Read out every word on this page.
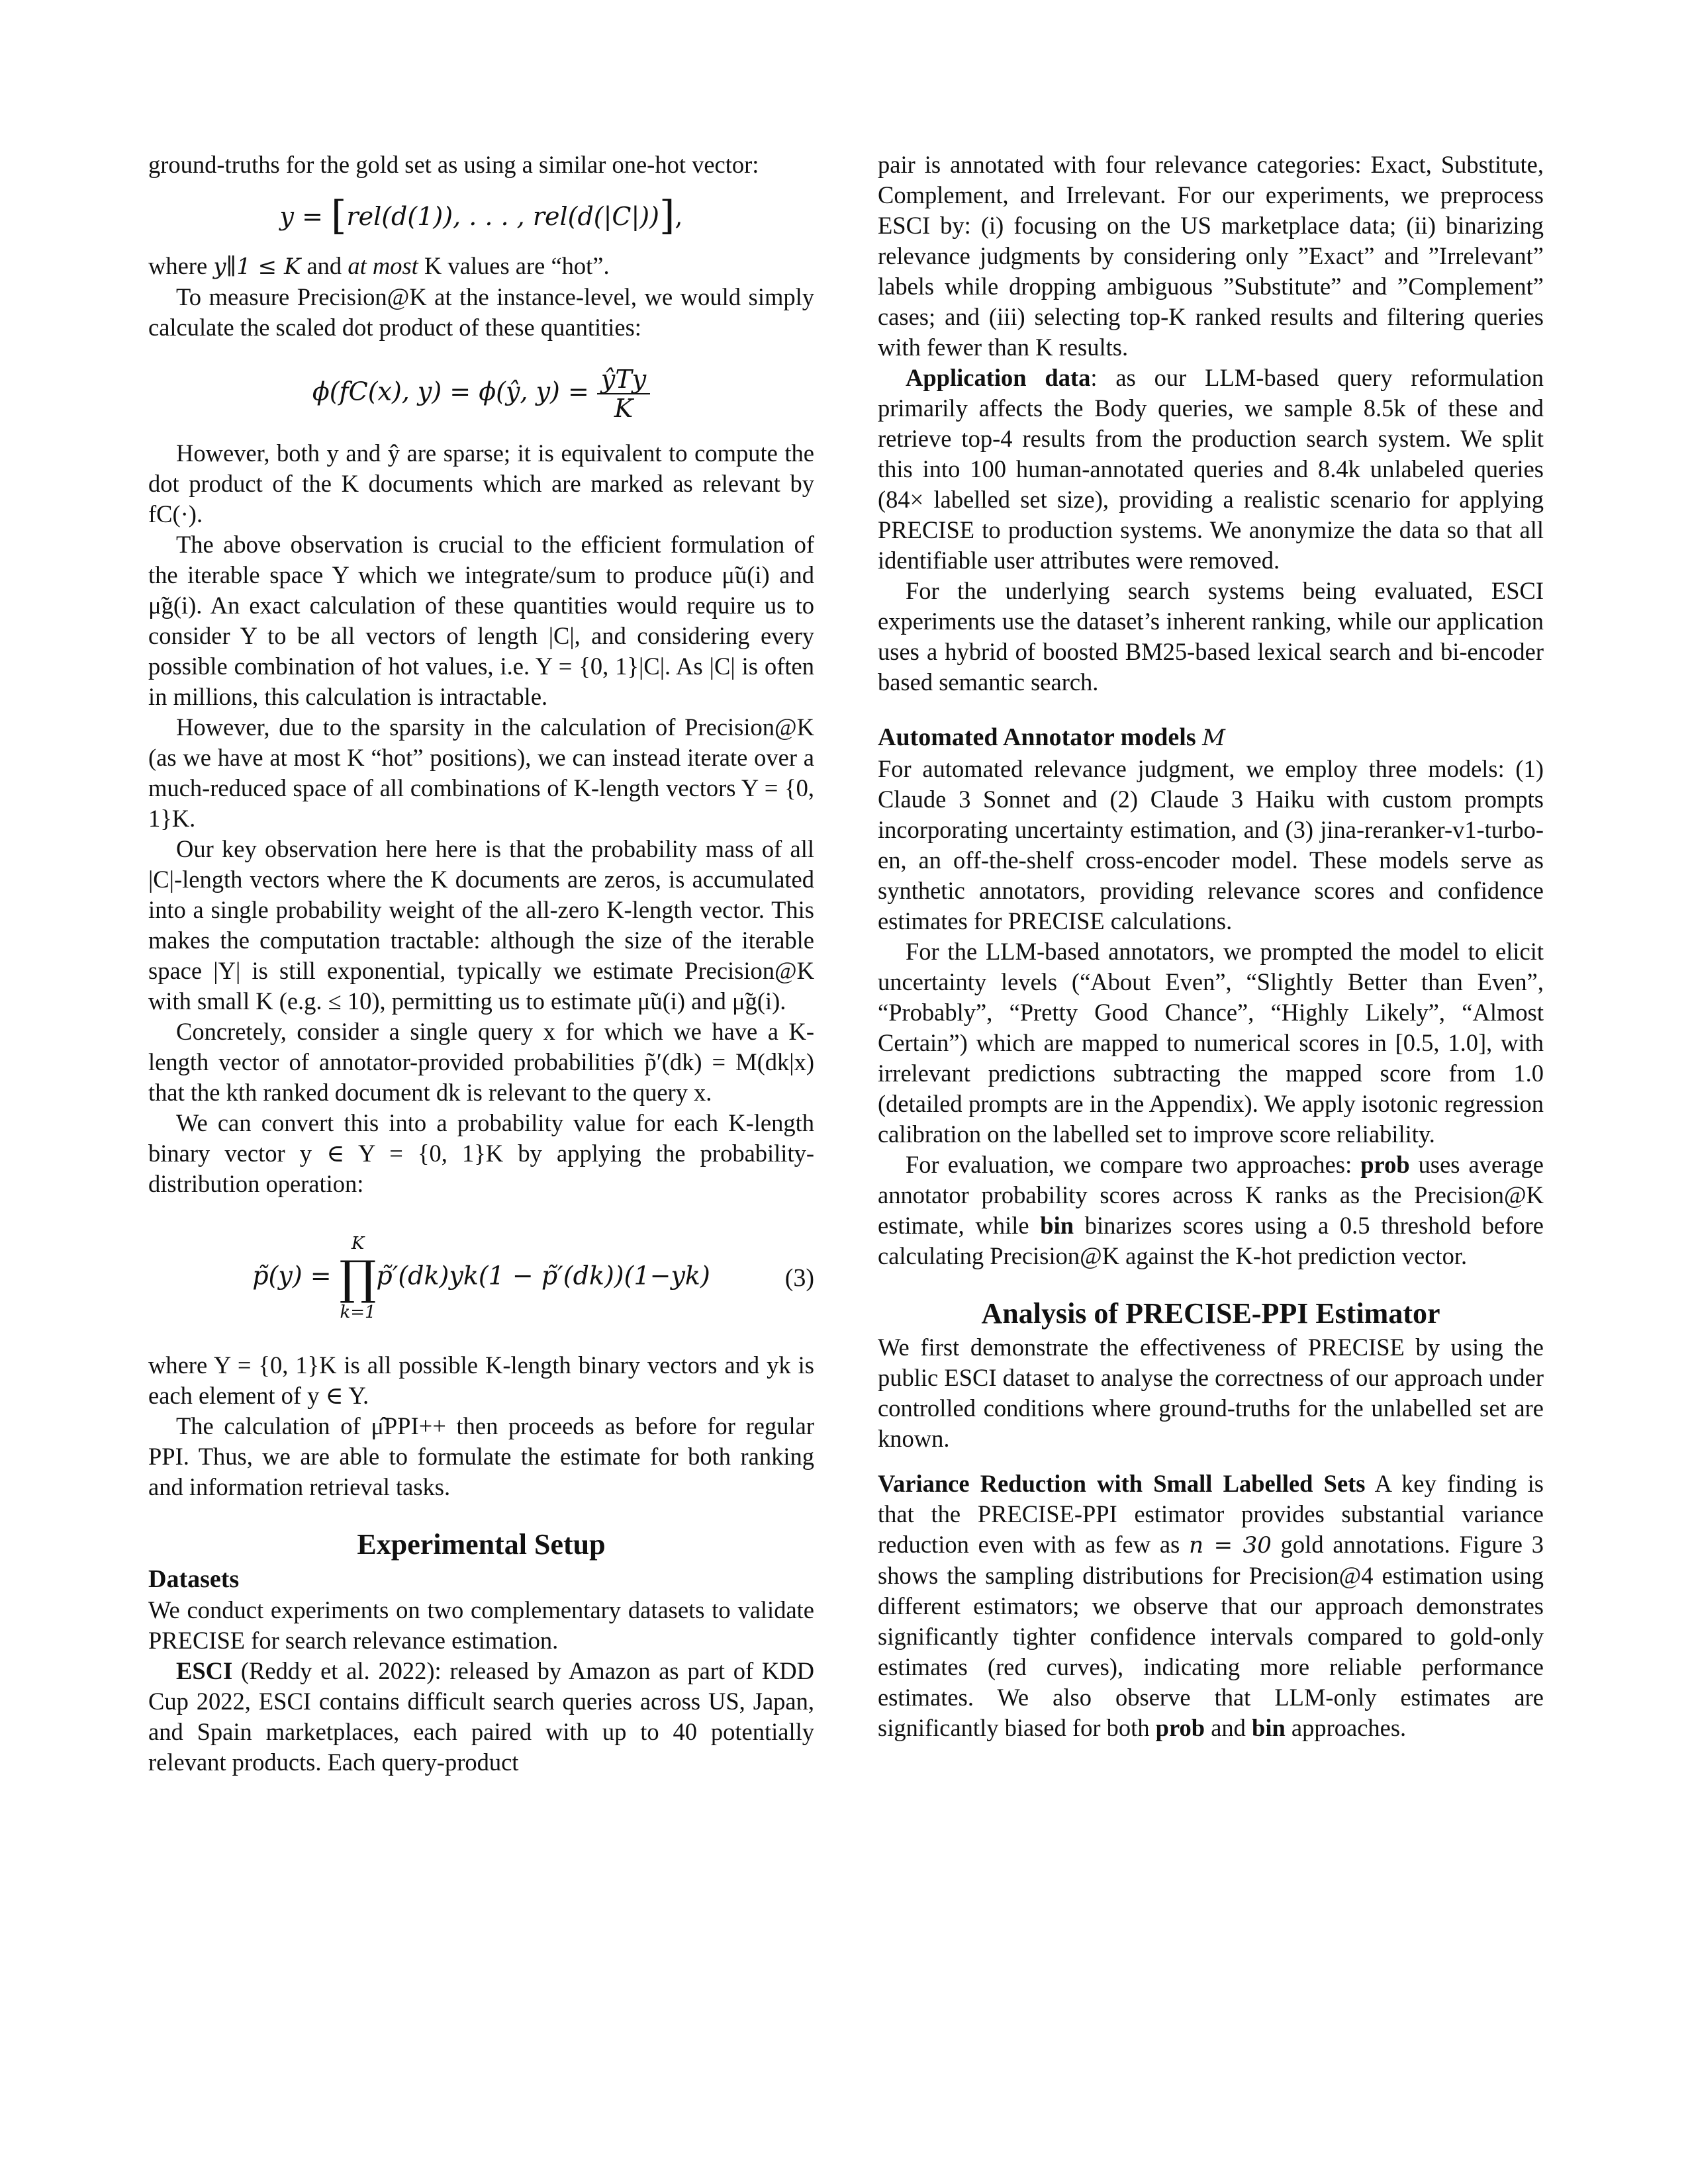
ground-truths for the gold set as using a similar one-hot vector:

y = [rel(d(1)), . . . , rel(d(|C|))],

where y∥1 ≤ K and at most K values are “hot”.

To measure Precision@K at the instance-level, we would simply calculate the scaled dot product of these quantities:

ϕ(fC(x), y) = ϕ(ŷ, $y) = \frac{\text{ŷTy}}{K}$

However, both y and ŷ are sparse; it is equivalent to compute the dot product of the K documents which are marked as relevant by fC(·).

The above observation is crucial to the efficient formulation of the iterable space Y which we integrate/sum to produce μ̃u(i) and μ̃g(i). An exact calculation of these quantities would require us to consider Y to be all vectors of length |C|, and considering every possible combination of hot values, i.e. Y = {0, 1}|C|. As |C| is often in millions, this calculation is intractable.

However, due to the sparsity in the calculation of Precision@K (as we have at most K “hot” positions), we can instead iterate over a much-reduced space of all combinations of K-length vectors Y = {0, 1}K.

Our key observation here here is that the probability mass of all |C|-length vectors where the K documents are zeros, is accumulated into a single probability weight of the all-zero K-length vector. This makes the computation tractable: although the size of the iterable space |Y| is still exponential, typically we estimate Precision@K with small K (e.g. ≤ 10), permitting us to estimate μ̃u(i) and μ̃g(i).

Concretely, consider a single query x for which we have a K-length vector of annotator-provided probabilities p̃′(dk) = M(dk|x) that the kth ranked document dk is relevant to the query x.

We can convert this into a probability value for each K-length binary vector y ∈ Y = {0, 1}K by applying the probability-distribution operation:

p̃(y) =
K
∏
k=1
p̃′(dk)yk(1 − p̃′(dk))(1−yk)	(3)

where Y = {0, 1}K is all possible K-length binary vectors and yk is each element of y ∈ Y.

The calculation of μ̂PPI++ then proceeds as before for regular PPI. Thus, we are able to formulate the estimate for both ranking and information retrieval tasks.

Experimental Setup
Datasets

We conduct experiments on two complementary datasets to validate PRECISE for search relevance estimation.

ESCI (Reddy et al. 2022): released by Amazon as part of KDD Cup 2022, ESCI contains difficult search queries across US, Japan, and Spain marketplaces, each paired with up to 40 potentially relevant products. Each query-product

pair is annotated with four relevance categories: Exact, Substitute, Complement, and Irrelevant. For our experiments, we preprocess ESCI by: (i) focusing on the US marketplace data; (ii) binarizing relevance judgments by considering only ”Exact” and ”Irrelevant” labels while dropping ambiguous ”Substitute” and ”Complement” cases; and (iii) selecting top-K ranked results and filtering queries with fewer than K results.

Application data: as our LLM-based query reformulation primarily affects the Body queries, we sample 8.5k of these and retrieve top-4 results from the production search system. We split this into 100 human-annotated queries and 8.4k unlabeled queries (84× labelled set size), providing a realistic scenario for applying PRECISE to production systems. We anonymize the data so that all identifiable user attributes were removed.

For the underlying search systems being evaluated, ESCI experiments use the dataset’s inherent ranking, while our application uses a hybrid of boosted BM25-based lexical search and bi-encoder based semantic search.

Automated Annotator models M

For automated relevance judgment, we employ three models: (1) Claude 3 Sonnet and (2) Claude 3 Haiku with custom prompts incorporating uncertainty estimation, and (3) jina-reranker-v1-turbo-en, an off-the-shelf cross-encoder model. These models serve as synthetic annotators, providing relevance scores and confidence estimates for PRECISE calculations.

For the LLM-based annotators, we prompted the model to elicit uncertainty levels (“About Even”, “Slightly Better than Even”, “Probably”, “Pretty Good Chance”, “Highly Likely”, “Almost Certain”) which are mapped to numerical scores in [0.5, 1.0], with irrelevant predictions subtracting the mapped score from 1.0 (detailed prompts are in the Appendix). We apply isotonic regression calibration on the labelled set to improve score reliability.

For evaluation, we compare two approaches: prob uses average annotator probability scores across K ranks as the Precision@K estimate, while bin binarizes scores using a 0.5 threshold before calculating Precision@K against the K-hot prediction vector.

Analysis of PRECISE-PPI Estimator

We first demonstrate the effectiveness of PRECISE by using the public ESCI dataset to analyse the correctness of our approach under controlled conditions where ground-truths for the unlabelled set are known.

Variance Reduction with Small Labelled Sets A key finding is that the PRECISE-PPI estimator provides substantial variance reduction even with as few as n = 30 gold annotations. Figure 3 shows the sampling distributions for Precision@4 estimation using different estimators; we observe that our approach demonstrates significantly tighter confidence intervals compared to gold-only estimates (red curves), indicating more reliable performance estimates. We also observe that LLM-only estimates are significantly biased for both prob and bin approaches.
